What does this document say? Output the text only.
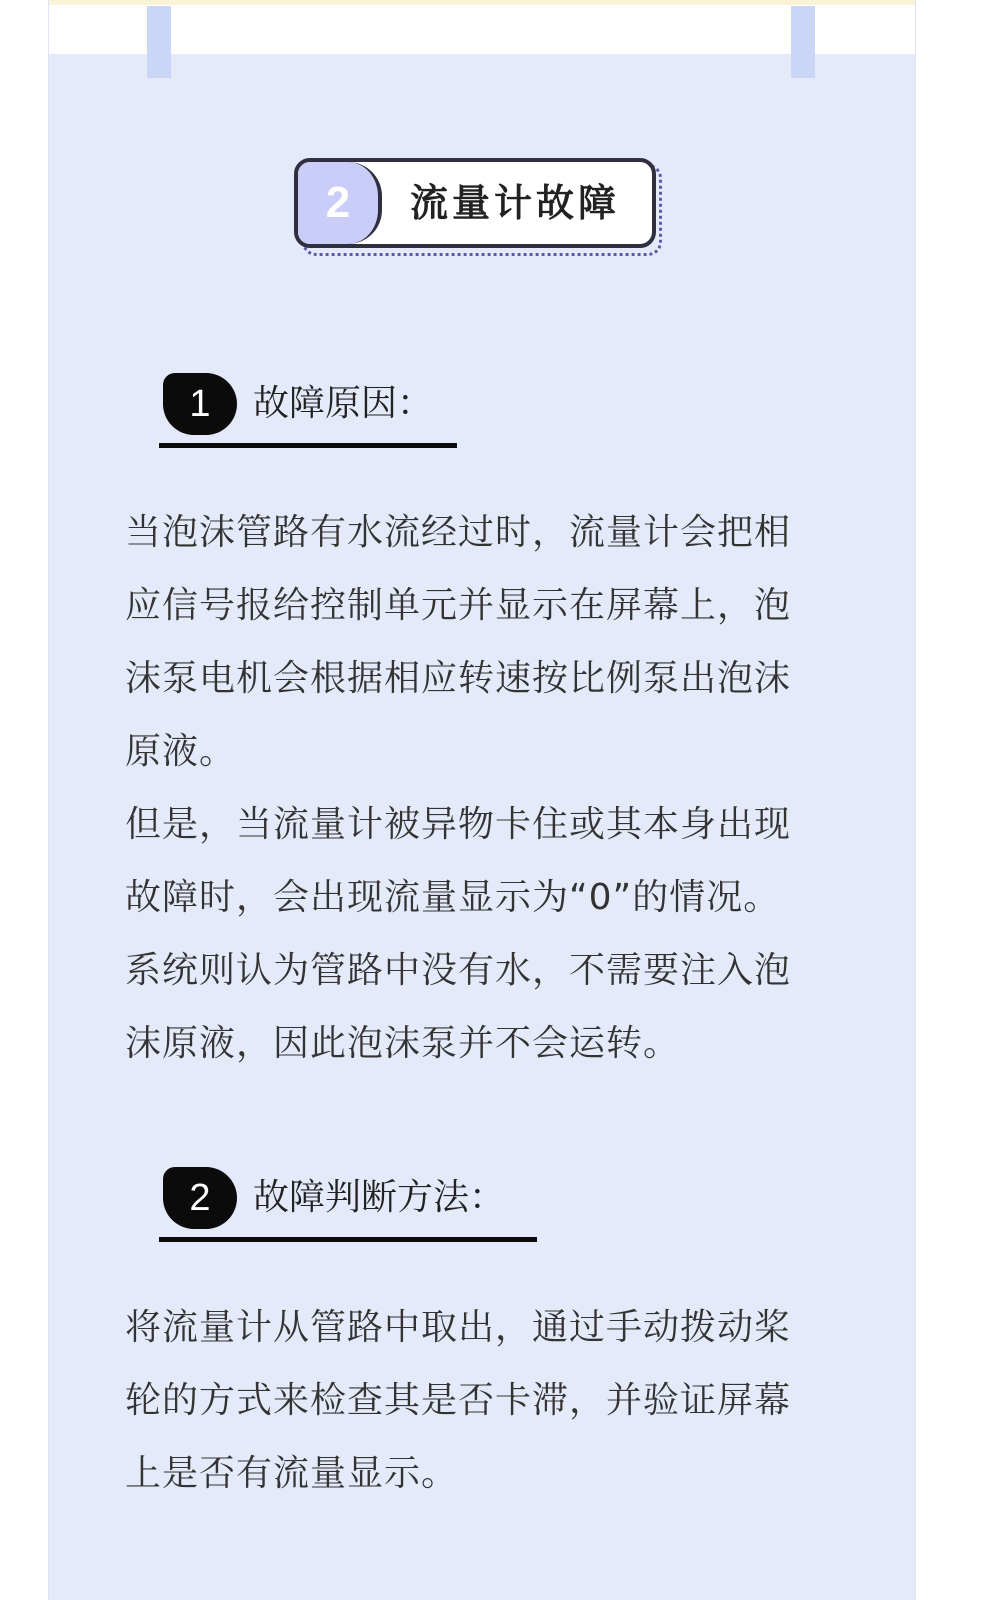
2	流量计故障
1	故障原因：
当泡沫管路有水流经过时，流量计会把相
应信号报给控制单元并显示在屏幕上，泡
沫泵电机会根据相应转速按比例泵出泡沫
原液。
但是，当流量计被异物卡住或其本身出现
故障时，会出现流量显示为“0”的情况。
系统则认为管路中没有水，不需要注入泡
沫原液，因此泡沫泵并不会运转。
2	故障判断方法：
将流量计从管路中取出，通过手动拨动桨
轮的方式来检查其是否卡滞，并验证屏幕
上是否有流量显示。
